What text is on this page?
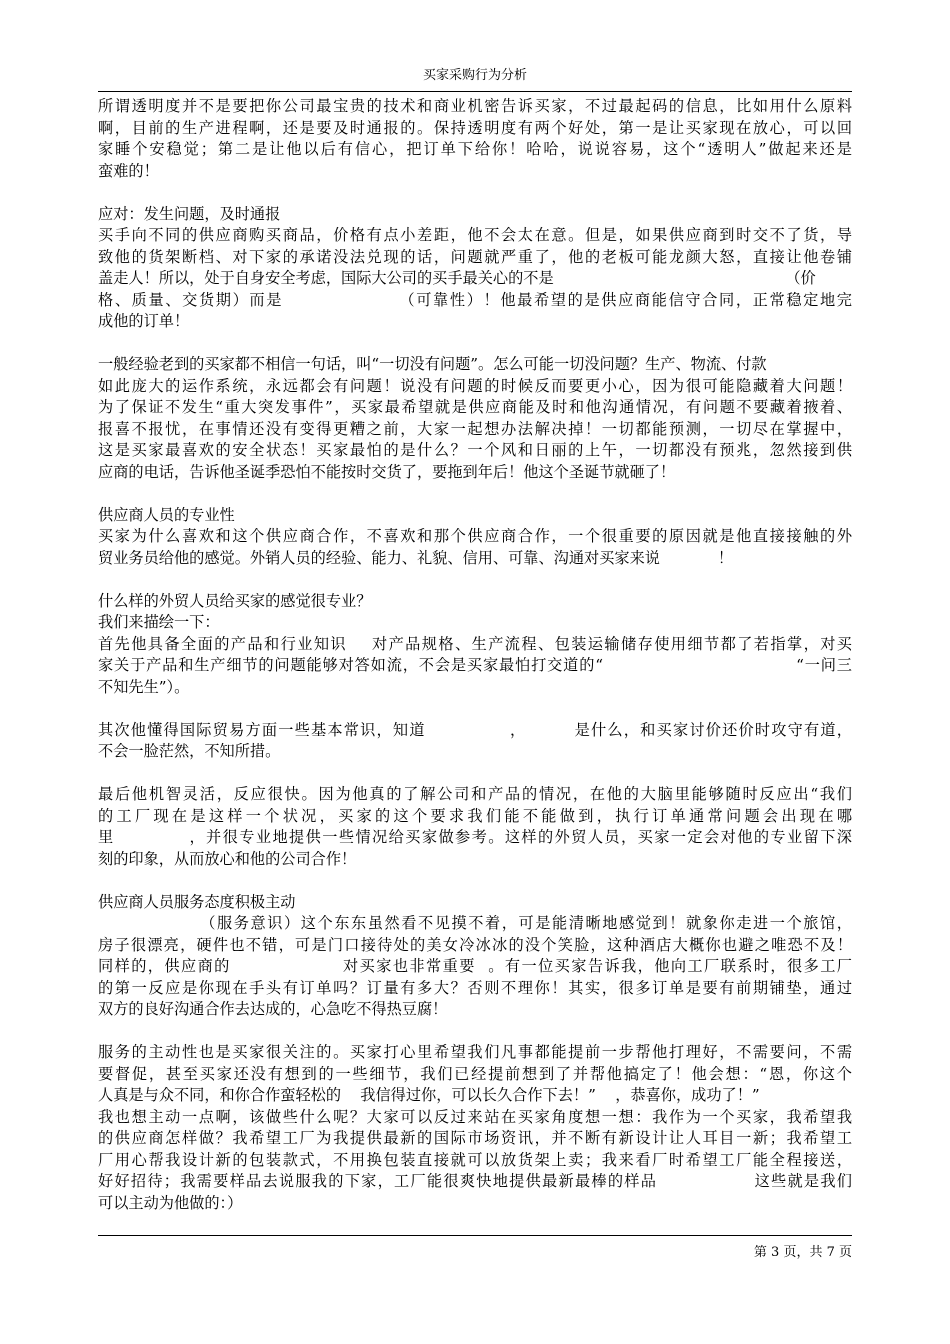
买家采购行为分析
所谓透明度并不是要把你公司最宝贵的技术和商业机密告诉买家，不过最起码的信息，比如用什么原料
啊，目前的生产进程啊，还是要及时通报的。保持透明度有两个好处，第一是让买家现在放心，可以回
家睡个安稳觉；第二是让他以后有信心，把订单下给你！哈哈，说说容易，这个“透明人”做起来还是
蛮难的！

应对：发生问题，及时通报
买手向不同的供应商购买商品，价格有点小差距，他不会太在意。但是，如果供应商到时交不了货，导
致他的货架断档、对下家的承诺没法兑现的话，问题就严重了，他的老板可能龙颜大怒，直接让他卷铺
盖走人！所以，处于自身安全考虑，国际大公司的买手最关心的不是                                                （价
格、质量、交货期）而是                  （可靠性）！他最希望的是供应商能信守合同，正常稳定地完
成他的订单！

一般经验老到的买家都不相信一句话，叫“一切没有问题”。怎么可能一切没问题？生产、物流、付款
如此庞大的运作系统，永远都会有问题！说没有问题的时候反而要更小心，因为很可能隐藏着大问题！
为了保证不发生“重大突发事件”，买家最希望就是供应商能及时和他沟通情况，有问题不要藏着掖着、
报喜不报忧，在事情还没有变得更糟之前，大家一起想办法解决掉！一切都能预测，一切尽在掌握中，
这是买家最喜欢的安全状态！买家最怕的是什么？一个风和日丽的上午，一切都没有预兆，忽然接到供
应商的电话，告诉他圣诞季恐怕不能按时交货了，要拖到年后！他这个圣诞节就砸了！

供应商人员的专业性
买家为什么喜欢和这个供应商合作，不喜欢和那个供应商合作，一个很重要的原因就是他直接接触的外
贸业务员给他的感觉。外销人员的经验、能力、礼貌、信用、可靠、沟通对买家来说            ！

什么样的外贸人员给买家的感觉很专业？
我们来描绘一下：
首先他具备全面的产品和行业知识    对产品规格、生产流程、包装运输储存使用细节都了若指掌，对买
家关于产品和生产细节的问题能够对答如流，不会是买家最怕打交道的“                                  “一问三
不知先生”）。

其次他懂得国际贸易方面一些基本常识，知道              ，        是什么，和买家讨价还价时攻守有道，
不会一脸茫然，不知所措。

最后他机智灵活，反应很快。因为他真的了解公司和产品的情况，在他的大脑里能够随时反应出“我们
的工厂现在是这样一个状况，买家的这个要求我们能不能做到，执行订单通常问题会出现在哪
里            ，并很专业地提供一些情况给买家做参考。这样的外贸人员，买家一定会对他的专业留下深
刻的印象，从而放心和他的公司合作！

供应商人员服务态度积极主动
（服务意识）这个东东虽然看不见摸不着，可是能清晰地感觉到！就象你走进一个旅馆，
房子很漂亮，硬件也不错，可是门口接待处的美女冷冰冰的没个笑脸，这种酒店大概你也避之唯恐不及！
同样的，供应商的                  对买家也非常重要  。有一位买家告诉我，他向工厂联系时，很多工厂
的第一反应是你现在手头有订单吗？订量有多大？否则不理你！其实，很多订单是要有前期铺垫，通过
双方的良好沟通合作去达成的，心急吃不得热豆腐！

服务的主动性也是买家很关注的。买家打心里希望我们凡事都能提前一步帮他打理好，不需要问，不需
要督促，甚至买家还没有想到的一些细节，我们已经提前想到了并帮他搞定了！他会想：“恩，你这个
人真是与众不同，和你合作蛮轻松的    我信得过你，可以长久合作下去！”    ，恭喜你，成功了！”
我也想主动一点啊，该做些什么呢？大家可以反过来站在买家角度想一想：我作为一个买家，我希望我
的供应商怎样做？我希望工厂为我提供最新的国际市场资讯，并不断有新设计让人耳目一新；我希望工
厂用心帮我设计新的包装款式，不用换包装直接就可以放货架上卖；我来看厂时希望工厂能全程接送，
好好招待；我需要样品去说服我的下家，工厂能很爽快地提供最新最棒的样品                这些就是我们
可以主动为他做的：）
第 3 页，共 7 页
